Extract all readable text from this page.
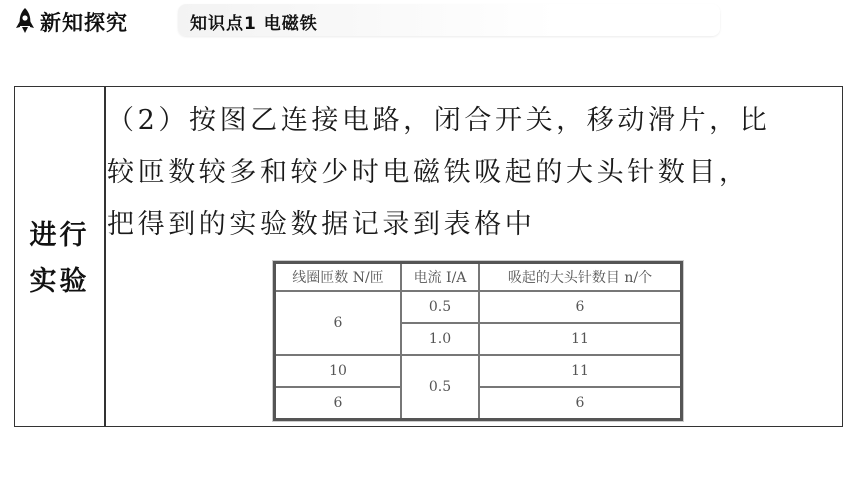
新知探究	知识点1 电磁铁
进行
实验
（2）按图乙连接电路，闭合开关，移动滑片，比
较匝数较多和较少时电磁铁吸起的大头针数目，
把得到的实验数据记录到表格中
线圈匝数 N/匝	电流 I/A	吸起的大头针数目 n/个
6	0.5	6
	1.0	11
10	0.5	11
6		6
